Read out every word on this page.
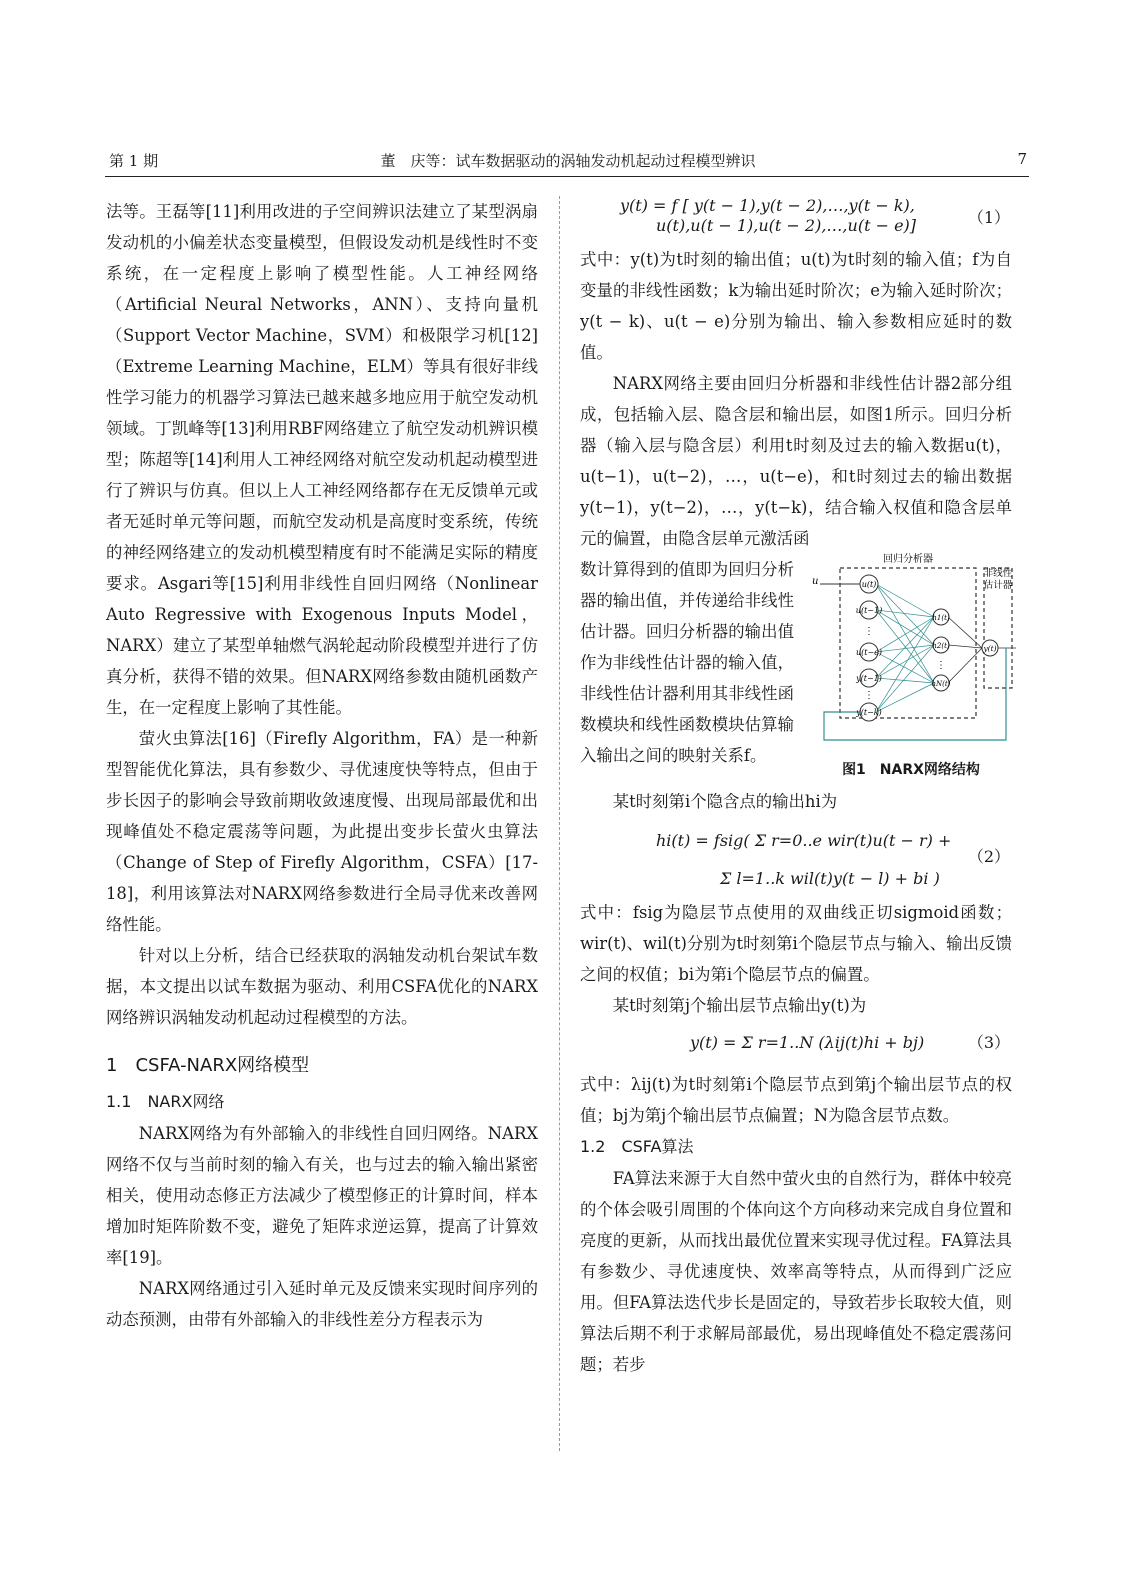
第 1 期	董　庆等：试车数据驱动的涡轴发动机起动过程模型辨识	7

法等。王磊等[11]利用改进的子空间辨识法建立了某型涡扇发动机的小偏差状态变量模型，但假设发动机是线性时不变系统，在一定程度上影响了模型性能。人工神经网络（Artificial Neural Networks，ANN）、支持向量机（Support Vector Machine，SVM）和极限学习机[12]（Extreme Learning Machine，ELM）等具有很好非线性学习能力的机器学习算法已越来越多地应用于航空发动机领域。丁凯峰等[13]利用RBF网络建立了航空发动机辨识模型；陈超等[14]利用人工神经网络对航空发动机起动模型进行了辨识与仿真。但以上人工神经网络都存在无反馈单元或者无延时单元等问题，而航空发动机是高度时变系统，传统的神经网络建立的发动机模型精度有时不能满足实际的精度要求。Asgari等[15]利用非线性自回归网络（Nonlinear Auto Regressive with Exogenous Inputs Model，NARX）建立了某型单轴燃气涡轮起动阶段模型并进行了仿真分析，获得不错的效果。但NARX网络参数由随机函数产生，在一定程度上影响了其性能。

萤火虫算法[16]（Firefly Algorithm，FA）是一种新型智能优化算法，具有参数少、寻优速度快等特点，但由于步长因子的影响会导致前期收敛速度慢、出现局部最优和出现峰值处不稳定震荡等问题，为此提出变步长萤火虫算法（Change of Step of Firefly Algorithm，CSFA）[17-18]，利用该算法对NARX网络参数进行全局寻优来改善网络性能。

针对以上分析，结合已经获取的涡轴发动机台架试车数据，本文提出以试车数据为驱动、利用CSFA优化的NARX网络辨识涡轴发动机起动过程模型的方法。

1　CSFA-NARX网络模型
1.1　NARX网络

NARX网络为有外部输入的非线性自回归网络。NARX网络不仅与当前时刻的输入有关，也与过去的输入输出紧密相关，使用动态修正方法减少了模型修正的计算时间，样本增加时矩阵阶数不变，避免了矩阵求逆运算，提高了计算效率[19]。

NARX网络通过引入延时单元及反馈来实现时间序列的动态预测，由带有外部输入的非线性差分方程表示为

y(t) = f [ y(t − 1),y(t − 2),…,y(t − k),
u(t),u(t − 1),u(t − 2),…,u(t − e)]	（1）

式中：y(t)为t时刻的输出值；u(t)为t时刻的输入值；f为自变量的非线性函数；k为输出延时阶次；e为输入延时阶次；y(t − k)、u(t − e)分别为输出、输入参数相应延时的数值。

NARX网络主要由回归分析器和非线性估计器2部分组成，包括输入层、隐含层和输出层，如图1所示。回归分析器（输入层与隐含层）利用t时刻及过去的输入数据u(t)，u(t−1)，u(t−2)，…，u(t−e)，和t时刻过去的输出数据y(t−1)，y(t−2)，…，y(t−k)，结合输入权值和隐含层单元的偏置，由隐含层单元激活函

数计算得到的值即为回归分析器的输出值，并传递给非线性估计器。回归分析器的输出值作为非线性估计器的输入值，非线性估计器利用其非线性函数模块和线性函数模块估算输入输出之间的映射关系f。

回归分析器
非线性
估计器
u	u(t)
u(t−1)
u(t−e)
y(t−1)
y(t−k)
⋮
⋮
⋮
h1(t)
h2(t)
hN(t)
y(t)
图1　NARX网络结构

某t时刻第i个隐含点的输出hi为

hi(t) = fsig( Σ r=0..e wir(t)u(t − r) +
Σ l=1..k wil(t)y(t − l) + bi )
（2）

式中：fsig为隐层节点使用的双曲线正切sigmoid函数；wir(t)、wil(t)分别为t时刻第i个隐层节点与输入、输出反馈之间的权值；bi为第i个隐层节点的偏置。

某t时刻第j个输出层节点输出y(t)为

y(t) = Σ r=1..N (λij(t)hi + bj)	（3）

式中：λij(t)为t时刻第i个隐层节点到第j个输出层节点的权值；bj为第j个输出层节点偏置；N为隐含层节点数。

1.2　CSFA算法

FA算法来源于大自然中萤火虫的自然行为，群体中较亮的个体会吸引周围的个体向这个方向移动来完成自身位置和亮度的更新，从而找出最优位置来实现寻优过程。FA算法具有参数少、寻优速度快、效率高等特点，从而得到广泛应用。但FA算法迭代步长是固定的，导致若步长取较大值，则算法后期不利于求解局部最优，易出现峰值处不稳定震荡问题；若步
